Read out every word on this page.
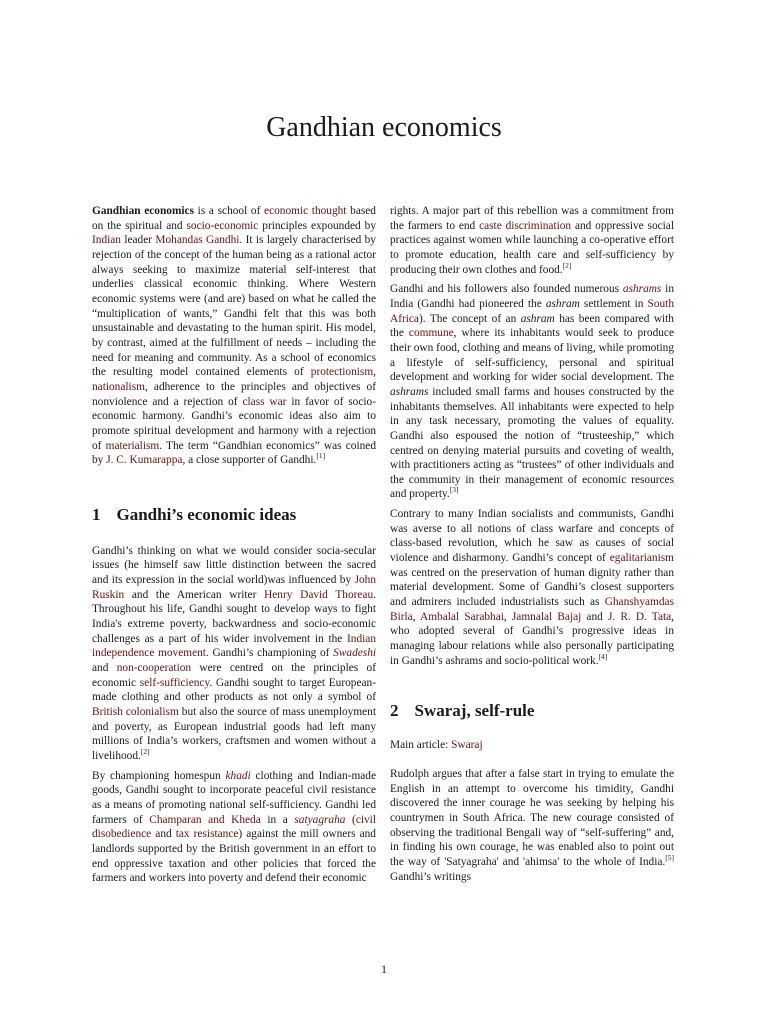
Gandhian economics

Gandhian economics is a school of economic thought based on the spiritual and socio-economic principles expounded by Indian leader Mohandas Gandhi. It is largely characterised by rejection of the concept of the human being as a rational actor always seeking to maximize material self-interest that underlies classical economic thinking. Where Western economic systems were (and are) based on what he called the “multiplication of wants,” Gandhi felt that this was both unsustainable and devastating to the human spirit. His model, by contrast, aimed at the fulfillment of needs – including the need for meaning and community. As a school of economics the resulting model contained elements of protectionism, nationalism, adherence to the principles and objectives of nonviolence and a rejection of class war in favor of socio-economic harmony. Gandhi’s economic ideas also aim to promote spiritual development and harmony with a rejection of materialism. The term “Gandhian economics” was coined by J. C. Kumarappa, a close supporter of Gandhi.[1]

1 Gandhi’s economic ideas

Gandhi’s thinking on what we would consider socia-secular issues (he himself saw little distinction between the sacred and its expression in the social world)was influenced by John Ruskin and the American writer Henry David Thoreau. Throughout his life, Gandhi sought to develop ways to fight India's extreme poverty, backwardness and socio-economic challenges as a part of his wider involvement in the Indian independence movement. Gandhi’s championing of Swadeshi and non-cooperation were centred on the principles of economic self-sufficiency. Gandhi sought to target European-made clothing and other products as not only a symbol of British colonialism but also the source of mass unemployment and poverty, as European industrial goods had left many millions of India’s workers, craftsmen and women without a livelihood.[2]

By championing homespun khadi clothing and Indian-made goods, Gandhi sought to incorporate peaceful civil resistance as a means of promoting national self-sufficiency. Gandhi led farmers of Champaran and Kheda in a satyagraha (civil disobedience and tax resistance) against the mill owners and landlords supported by the British government in an effort to end oppressive taxation and other policies that forced the farmers and workers into poverty and defend their economic

rights. A major part of this rebellion was a commitment from the farmers to end caste discrimination and oppressive social practices against women while launching a co-operative effort to promote education, health care and self-sufficiency by producing their own clothes and food.[2]

Gandhi and his followers also founded numerous ashrams in India (Gandhi had pioneered the ashram settlement in South Africa). The concept of an ashram has been compared with the commune, where its inhabitants would seek to produce their own food, clothing and means of living, while promoting a lifestyle of self-sufficiency, personal and spiritual development and working for wider social development. The ashrams included small farms and houses constructed by the inhabitants themselves. All inhabitants were expected to help in any task necessary, promoting the values of equality. Gandhi also espoused the notion of “trusteeship,” which centred on denying material pursuits and coveting of wealth, with practitioners acting as “trustees” of other individuals and the community in their management of economic resources and property.[3]

Contrary to many Indian socialists and communists, Gandhi was averse to all notions of class warfare and concepts of class-based revolution, which he saw as causes of social violence and disharmony. Gandhi’s concept of egalitarianism was centred on the preservation of human dignity rather than material development. Some of Gandhi’s closest supporters and admirers included industrialists such as Ghanshyamdas Birla, Ambalal Sarabhai, Jamnalal Bajaj and J. R. D. Tata, who adopted several of Gandhi’s progressive ideas in managing labour relations while also personally participating in Gandhi’s ashrams and socio-political work.[4]

2 Swaraj, self-rule

Main article: Swaraj

Rudolph argues that after a false start in trying to emulate the English in an attempt to overcome his timidity, Gandhi discovered the inner courage he was seeking by helping his countrymen in South Africa. The new courage consisted of observing the traditional Bengali way of “self-suffering” and, in finding his own courage, he was enabled also to point out the way of 'Satyagraha' and 'ahimsa' to the whole of India.[5] Gandhi’s writings

1
